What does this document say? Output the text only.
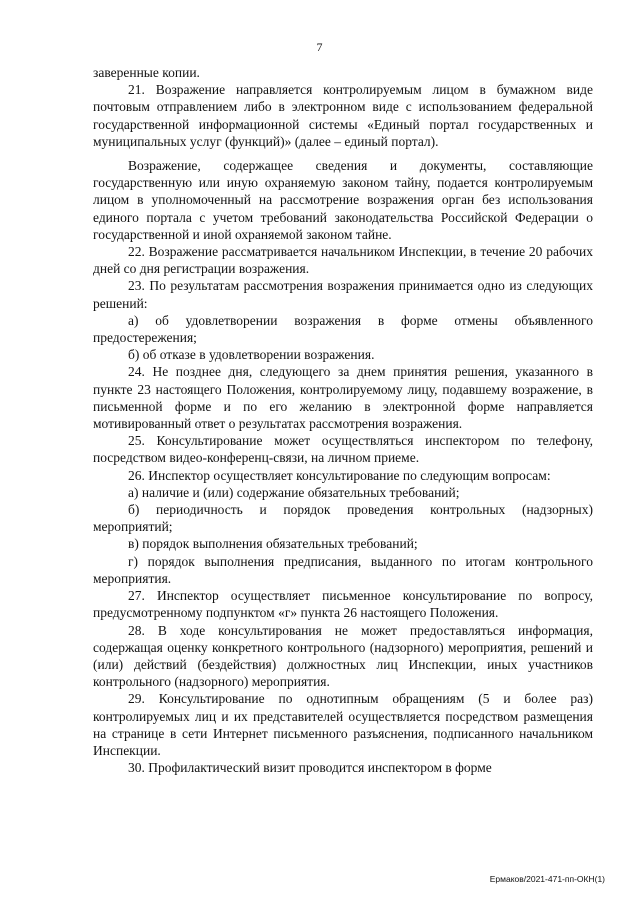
7

заверенные копии.

21. Возражение направляется контролируемым лицом в бумажном виде почтовым отправлением либо в электронном виде с использованием федеральной государственной информационной системы «Единый портал государственных и муниципальных услуг (функций)» (далее – единый портал).

Возражение, содержащее сведения и документы, составляющие государственную или иную охраняемую законом тайну, подается контролируемым лицом в уполномоченный на рассмотрение возражения орган без использования единого портала с учетом требований законодательства Российской Федерации о государственной и иной охраняемой законом тайне.

22. Возражение рассматривается начальником Инспекции, в течение 20 рабочих дней со дня регистрации возражения.

23. По результатам рассмотрения возражения принимается одно из следующих решений:

а) об удовлетворении возражения в форме отмены объявленного предостережения;

б) об отказе в удовлетворении возражения.

24. Не позднее дня, следующего за днем принятия решения, указанного в пункте 23 настоящего Положения, контролируемому лицу, подавшему возражение, в письменной форме и по его желанию в электронной форме направляется мотивированный ответ о результатах рассмотрения возражения.

25. Консультирование может осуществляться инспектором по телефону, посредством видео-конференц-связи, на личном приеме.

26. Инспектор осуществляет консультирование по следующим вопросам:

а) наличие и (или) содержание обязательных требований;

б) периодичность и порядок проведения контрольных (надзорных) мероприятий;

в) порядок выполнения обязательных требований;

г) порядок выполнения предписания, выданного по итогам контрольного мероприятия.

27. Инспектор осуществляет письменное консультирование по вопросу, предусмотренному подпунктом «г» пункта 26 настоящего Положения.

28. В ходе консультирования не может предоставляться информация, содержащая оценку конкретного контрольного (надзорного) мероприятия, решений и (или) действий (бездействия) должностных лиц Инспекции, иных участников контрольного (надзорного) мероприятия.

29. Консультирование по однотипным обращениям (5 и более раз) контролируемых лиц и их представителей осуществляется посредством размещения на странице в сети Интернет письменного разъяснения, подписанного начальником Инспекции.

30. Профилактический визит проводится инспектором в форме

Ермаков/2021-471-пп-ОКН(1)
